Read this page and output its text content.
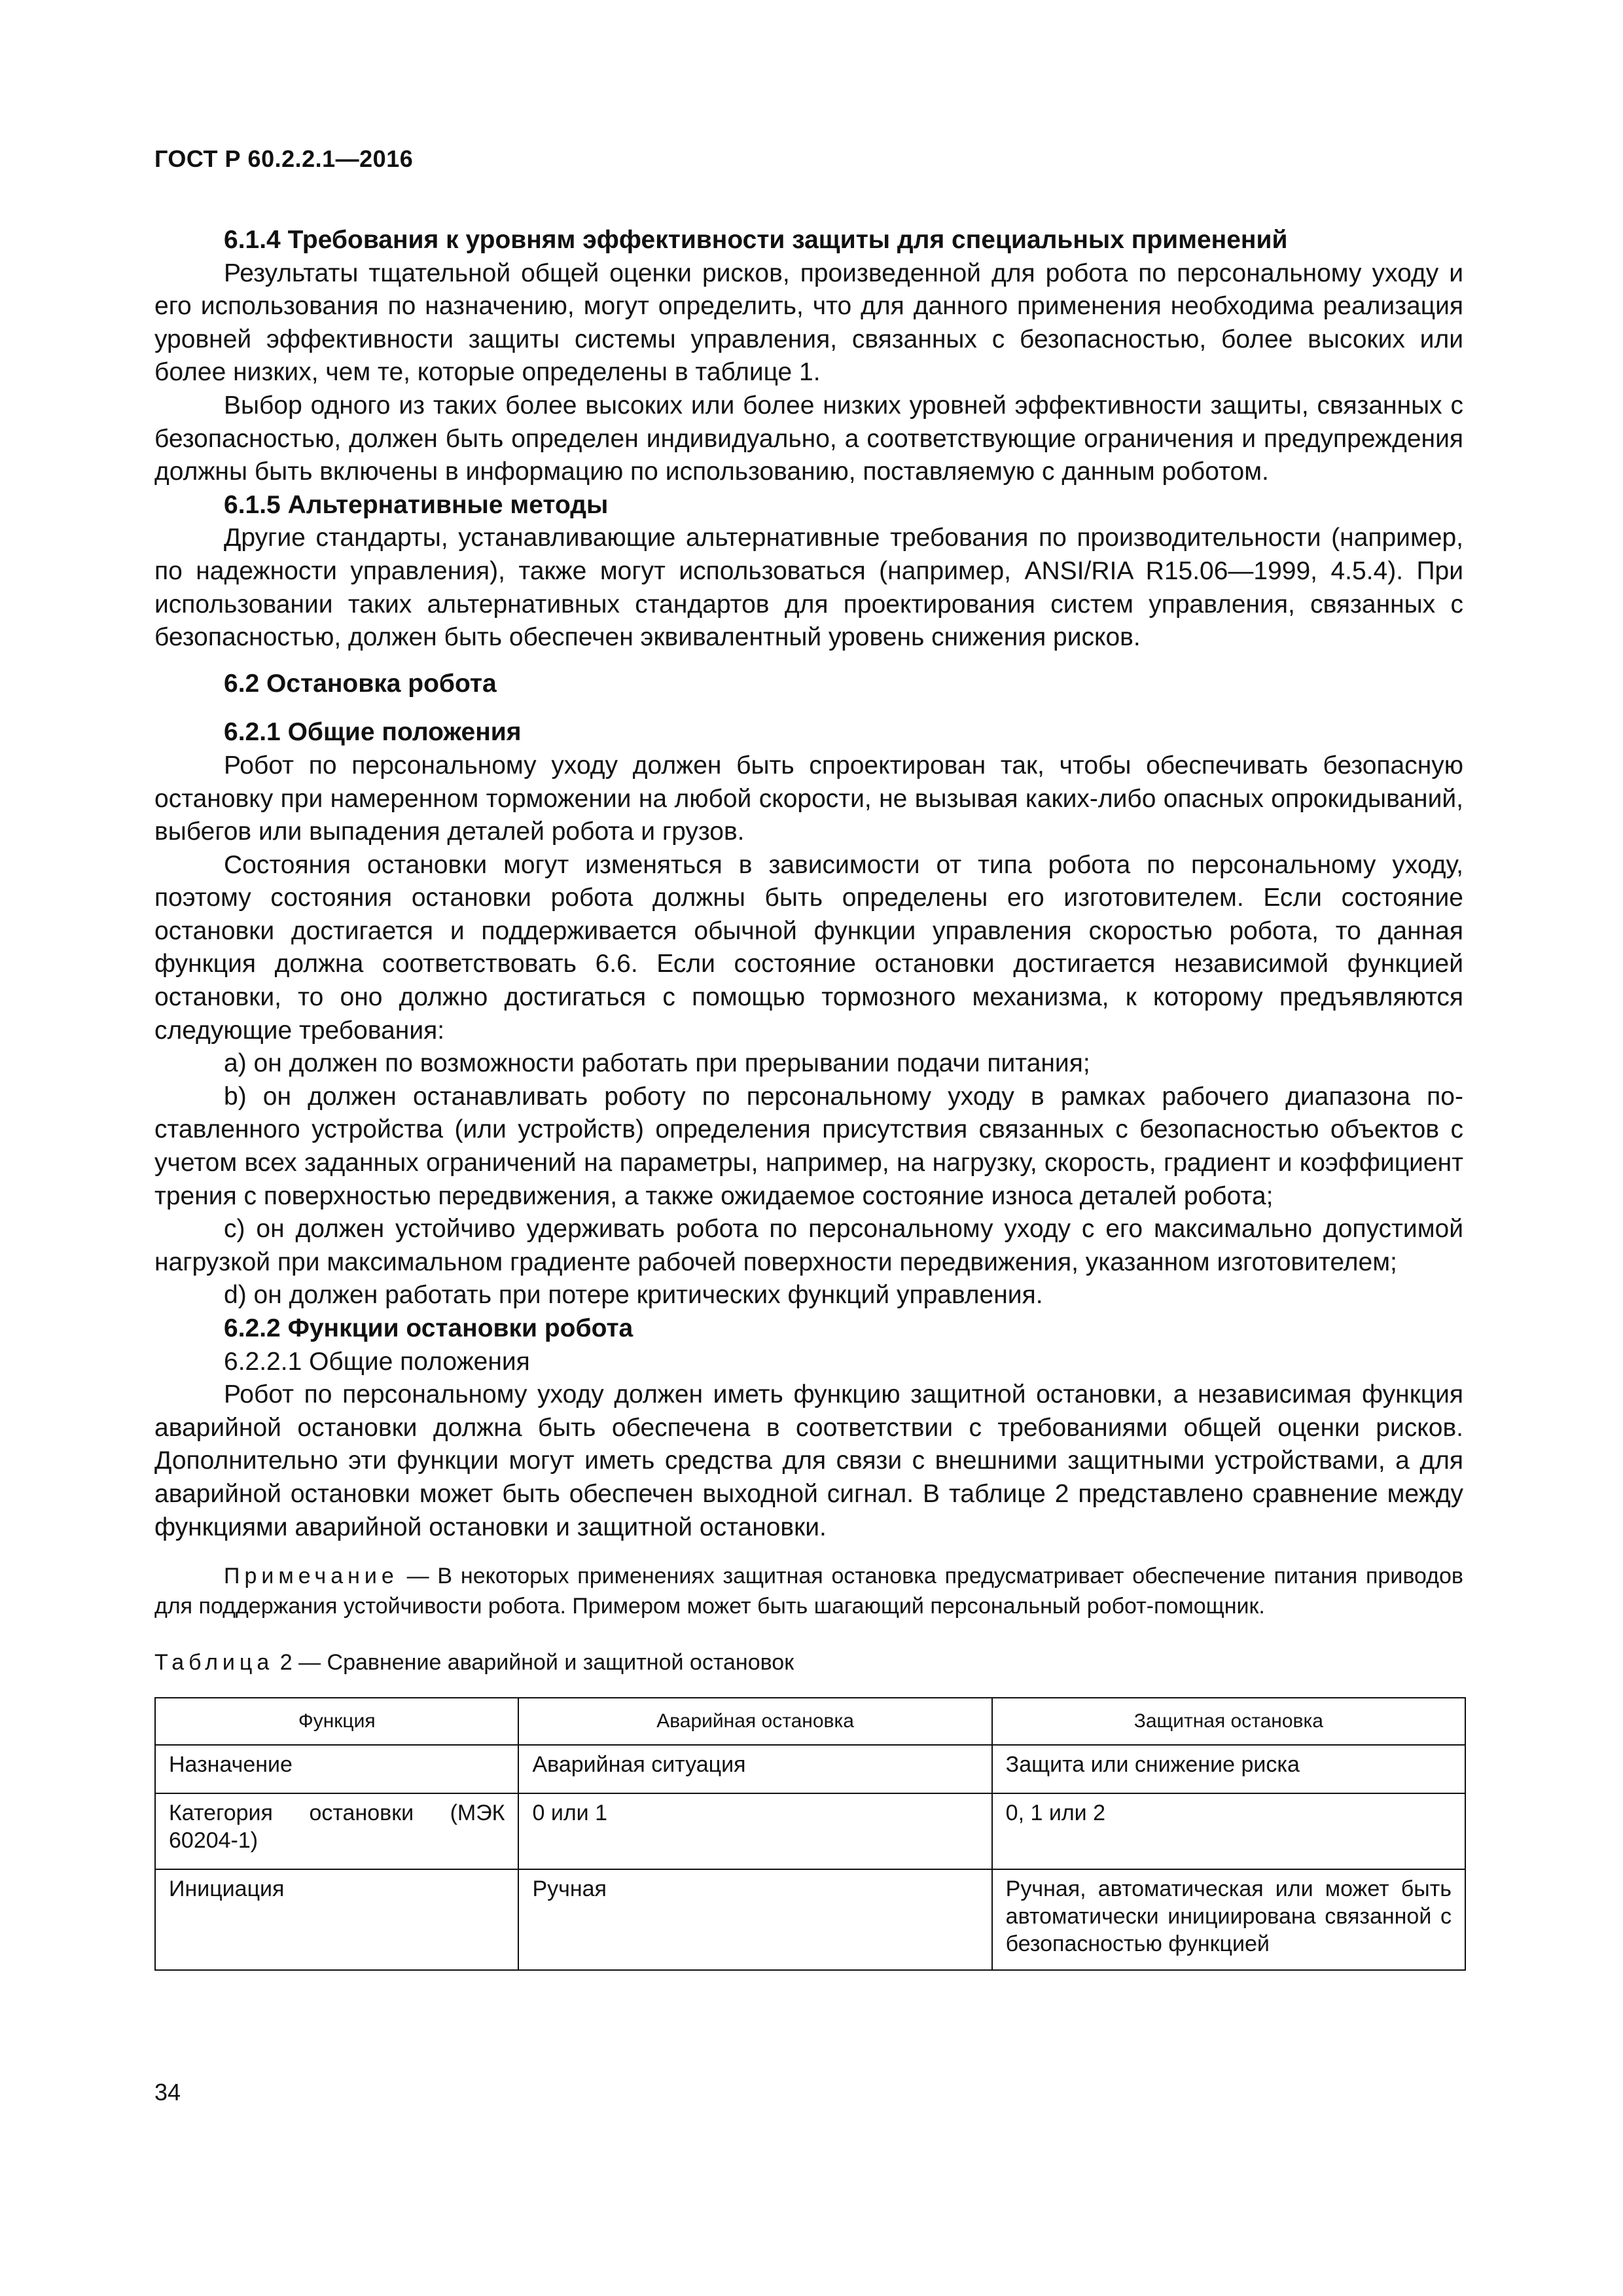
ГОСТ Р 60.2.2.1—2016
6.1.4 Требования к уровням эффективности защиты для специальных применений

Результаты тщательной общей оценки рисков, произведенной для робота по персональному уходу и его использования по назначению, могут определить, что для данного применения необходима реализация уровней эффективности защиты системы управления, связанных с безопасностью, более высоких или более низких, чем те, которые определены в таблице 1.

Выбор одного из таких более высоких или более низких уровней эффективности защиты, связанных с безопасностью, должен быть определен индивидуально, а соответствующие ограничения и предупреждения должны быть включены в информацию по использованию, поставляемую с данным роботом.

6.1.5 Альтернативные методы

Другие стандарты, устанавливающие альтернативные требования по производительности (например, по надежности управления), также могут использоваться (например, ANSI/RIA R15.06—1999, 4.5.4). При использовании таких альтернативных стандартов для проектирования систем управления, связанных с безопасностью, должен быть обеспечен эквивалентный уровень снижения рисков.

6.2 Остановка робота
6.2.1 Общие положения

Робот по персональному уходу должен быть спроектирован так, чтобы обеспечивать безопасную остановку при намеренном торможении на любой скорости, не вызывая каких-либо опасных опрокидываний, выбегов или выпадения деталей робота и грузов.

Состояния остановки могут изменяться в зависимости от типа робота по персональному уходу, поэтому состояния остановки робота должны быть определены его изготовителем. Если состояние остановки достигается и поддерживается обычной функции управления скоростью робота, то данная функция должна соответствовать 6.6. Если состояние остановки достигается независимой функцией остановки, то оно должно достигаться с помощью тормозного механизма, к которому предъявляются следующие требования:

a) он должен по возможности работать при прерывании подачи питания;

b) он должен останавливать роботу по персональному уходу в рамках рабочего диапазона поставленного устройства (или устройств) определения присутствия связанных с безопасностью объектов с учетом всех заданных ограничений на параметры, например, на нагрузку, скорость, градиент и коэффициент трения с поверхностью передвижения, а также ожидаемое состояние износа деталей робота;

c) он должен устойчиво удерживать робота по персональному уходу с его максимально допустимой нагрузкой при максимальном градиенте рабочей поверхности передвижения, указанном изготовителем;

d) он должен работать при потере критических функций управления.

6.2.2 Функции остановки робота
6.2.2.1 Общие положения

Робот по персональному уходу должен иметь функцию защитной остановки, а независимая функция аварийной остановки должна быть обеспечена в соответствии с требованиями общей оценки рисков. Дополнительно эти функции могут иметь средства для связи с внешними защитными устройствами, а для аварийной остановки может быть обеспечен выходной сигнал. В таблице 2 представлено сравнение между функциями аварийной остановки и защитной остановки.

Примечание — В некоторых применениях защитная остановка предусматривает обеспечение питания приводов для поддержания устойчивости робота. Примером может быть шагающий персональный робот-помощник.

Таблица 2 — Сравнение аварийной и защитной остановок
Функция	Аварийная остановка	Защитная остановка
Назначение	Аварийная ситуация	Защита или снижение риска
Категория остановки (МЭК 60204-1)	0 или 1	0, 1 или 2
Инициация	Ручная	Ручная, автоматическая или может быть автоматически инициирована связанной с безопасностью функцией
34
